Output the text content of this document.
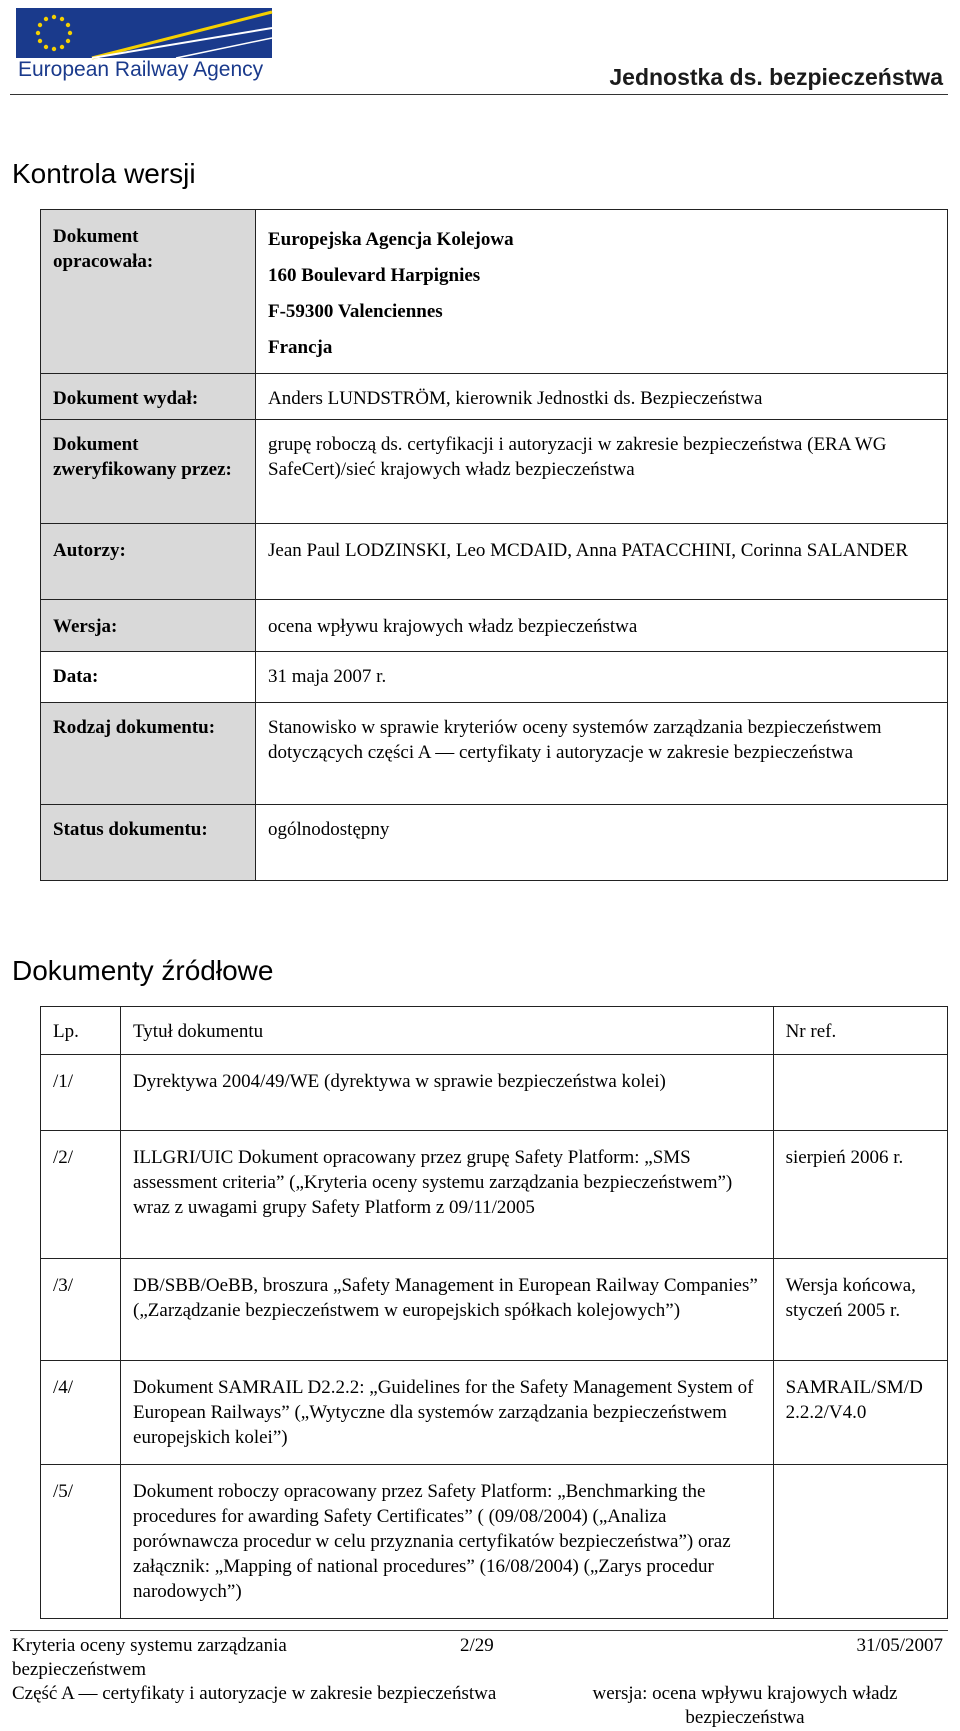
European Railway Agency	Jednostka ds. bezpieczeństwa
Kontrola wersji
Dokument opracowała:	Europejska Agencja Kolejowa
160 Boulevard Harpignies
F-59300 Valenciennes
Francja

Dokument wydał:	Anders LUNDSTRÖM, kierownik Jednostki ds. Bezpieczeństwa
Dokument zweryfikowany przez:	grupę roboczą ds. certyfikacji i autoryzacji w zakresie bezpieczeństwa (ERA WG SafeCert)/sieć krajowych władz bezpieczeństwa
Autorzy:	Jean Paul LODZINSKI, Leo MCDAID, Anna PATACCHINI, Corinna SALANDER
Wersja:	ocena wpływu krajowych władz bezpieczeństwa
Data:	31 maja 2007 r.
Rodzaj dokumentu:	Stanowisko w sprawie kryteriów oceny systemów zarządzania bezpieczeństwem dotyczących części A — certyfikaty i autoryzacje w zakresie bezpieczeństwa
Status dokumentu:	ogólnodostępny
Dokumenty źródłowe
Lp.	Tytuł dokumentu	Nr ref.
/1/	Dyrektywa 2004/49/WE (dyrektywa w sprawie bezpieczeństwa kolei)	
/2/	ILLGRI/UIC Dokument opracowany przez grupę Safety Platform: „SMS assessment criteria” („Kryteria oceny systemu zarządzania bezpieczeństwem”) wraz z uwagami grupy Safety Platform z 09/11/2005	sierpień 2006 r.
/3/	DB/SBB/OeBB, broszura „Safety Management in European Railway Companies” („Zarządzanie bezpieczeństwem w europejskich spółkach kolejowych”)	Wersja końcowa, styczeń 2005 r.
/4/	Dokument SAMRAIL D2.2.2: „Guidelines for the Safety Management System of European Railways” („Wytyczne dla systemów zarządzania bezpieczeństwem europejskich kolei”)	SAMRAIL/SM/D 2.2.2/V4.0
/5/	Dokument roboczy opracowany przez Safety Platform: „Benchmarking the procedures for awarding Safety Certificates” ( (09/08/2004) („Analiza porównawcza procedur w celu przyznania certyfikatów bezpieczeństwa”) oraz załącznik: „Mapping of national procedures” (16/08/2004) („Zarys procedur narodowych”)	
Kryteria oceny systemu zarządzania bezpieczeństwem
2/29	31/05/2007
Część A — certyfikaty i autoryzacje w zakresie bezpieczeństwa	wersja: ocena wpływu krajowych władz bezpieczeństwa
